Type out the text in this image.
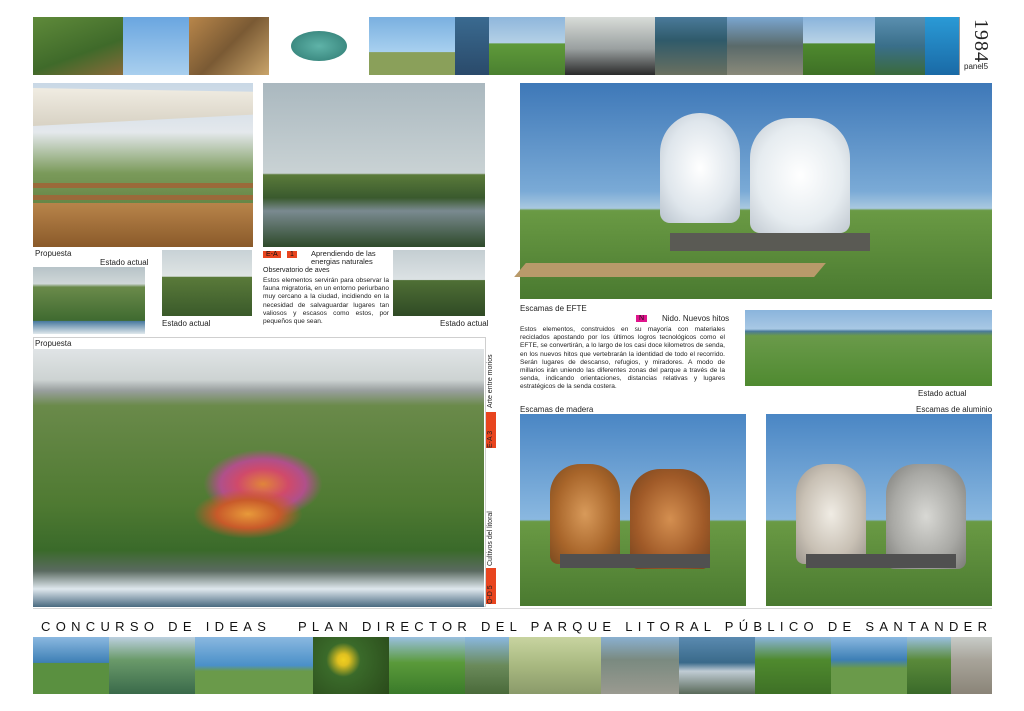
1984
panel5
Propuesta
Estado actual
Estado actual
E-A	1	Aprendiendo de las energias naturales
Observatorio de aves
Estos elementos servirán para observar la fauna migratoria, en un entorno periurbano muy cercano a la ciudad, incidiendo en la necesidad de salvaguardar lugares tan valiosos y escasos como estos, por pequeños que sean.	Estado actual
Propuesta
E-A 3
Arte entre morios
O-D 5
Cultivos del litoral
Escamas de EFTE
N	Nido. Nuevos hitos
Estos elementos, construidos en su mayoría con materiales reciclados apostando por los últimos logros tecnológicos como el EFTE, se convertirán, a lo largo de los casi doce kilometros de senda, en los nuevos hitos que vertebrarán la identidad de todo el recorrido. Serán lugares de descanso, refugios, y miradores. A modo de millarios irán uniendo las diferentes zonas del parque a través de la senda, indicando orientaciones, distancias relativas y lugares estratégicos de la senda costera.
Estado actual
Escamas de madera	Escamas de aluminio
CONCURSO DE IDEAS   PLAN DIRECTOR DEL PARQUE LITORAL PÚBLICO DE SANTANDER
